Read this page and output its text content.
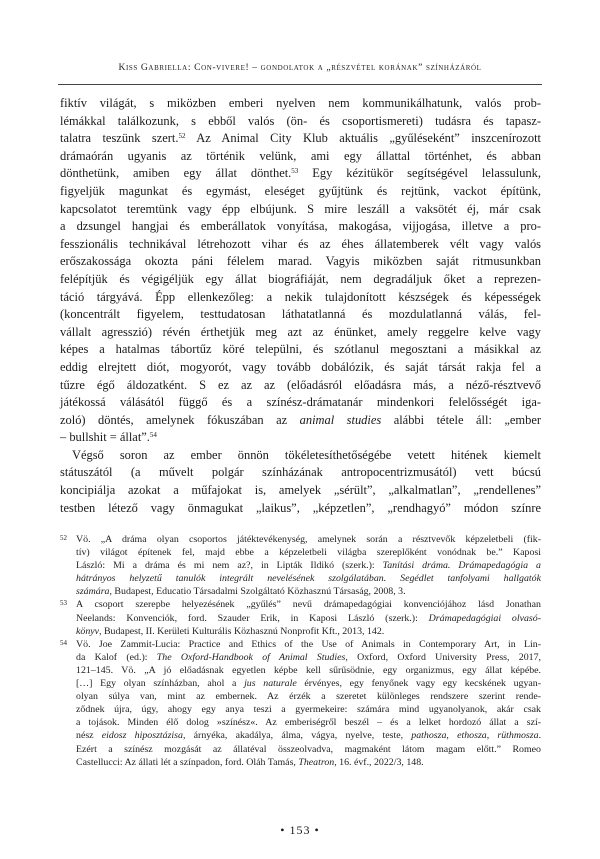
Kiss Gabriella: Con-vivere! – gondolatok a „részvétel korának” színházáról
fiktív világát, s miközben emberi nyelven nem kommunikálhatunk, valós prob-
lémákkal találkozunk, s ebből valós (ön- és csoportismereti) tudásra és tapasz-
talatra teszünk szert.$^{52}$ Az Animal City Klub aktuális „gyűléseként” inszcenírozott
drámaórán ugyanis az történik velünk, ami egy állattal történhet, és abban
dönthetünk, amiben egy állat dönthet.$^{53}$ Egy kézitükör segítségével lelassulunk,
figyeljük magunkat és egymást, eleséget gyűjtünk és rejtünk, vackot építünk,
kapcsolatot teremtünk vagy épp elbújunk. S mire leszáll a vaksötét éj, már csak
a dzsungel hangjai és emberállatok vonyítása, makogása, vijjogása, illetve a pro-
fesszionális technikával létrehozott vihar és az éhes állatemberek vélt vagy valós
erőszakossága okozta páni félelem marad. Vagyis miközben saját ritmusunkban
felépítjük és végigéljük egy állat biográfiáját, nem degradáljuk őket a reprezen-
táció tárgyává. Épp ellenkezőleg: a nekik tulajdonított készségek és képességek
(koncentrált figyelem, testtudatosan láthatatlanná és mozdulatlanná válás, fel-
vállalt agresszió) révén érthetjük meg azt az énünket, amely reggelre kelve vagy
képes a hatalmas tábortűz köré települni, és szótlanul megosztani a másikkal az
eddig elrejtett diót, mogyorót, vagy tovább dobálózik, és saját társát rakja fel a
tűzre égő áldozatként. S ez az az (előadásról előadásra más, a néző-résztvevő
játékossá válásától függő és a színész-drámatanár mindenkori felelősségét iga-
zoló) döntés, amelynek fókuszában az animal studies alábbi tétele áll: „ember
– bullshit = állat”.$^{54}$
Végső soron az ember önnön tökéletesíthetőségébe vetett hitének kiemelt
státuszától (a művelt polgár színházának antropocentrizmusától) vett búcsú
koncipiálja azokat a műfajokat is, amelyek „sérült”, „alkalmatlan”, „rendellenes”
testben létező vagy önmagukat „laikus”, „képzetlen”, „rendhagyó” módon színre
52 Vö. „A dráma olyan csoportos játéktevékenység, amelynek során a résztvevők képzeletbeli (fik-
tív) világot építenek fel, majd ebbe a képzeletbeli világba szereplőként vonódnak be.” Kaposi
László: Mi a dráma és mi nem az?, in Lipták Ildikó (szerk.): Tanítási dráma. Drámapedagógia a
hátrányos helyzetű tanulók integrált nevelésének szolgálatában. Segédlet tanfolyami hallgatók
számára, Budapest, Educatio Társadalmi Szolgáltató Közhasznú Társaság, 2008, 3.
53 A csoport szerepbe helyezésének „gyűlés” nevű drámapedagógiai konvenciójához lásd Jonathan
Neelands: Konvenciók, ford. Szauder Erik, in Kaposi László (szerk.): Drámapedagógiai olvasó-
könyv, Budapest, II. Kerületi Kulturális Közhasznú Nonprofit Kft., 2013, 142.
54 Vö. Joe Zammit-Lucia: Practice and Ethics of the Use of Animals in Contemporary Art, in Lin-
da Kalof (ed.): The Oxford-Handbook of Animal Studies, Oxford, Oxford University Press, 2017,
121–145. Vö. „A jó előadásnak egyetlen képbe kell sűrűsödnie, egy organizmus, egy állat képébe.
[…] Egy olyan színházban, ahol a jus naturale érvényes, egy fenyőnek vagy egy kecskének ugyan-
olyan súlya van, mint az embernek. Az érzék a szeretet különleges rendszere szerint rende-
ződnek újra, úgy, ahogy egy anya teszi a gyermekeire: számára mind ugyanolyanok, akár csak
a tojások. Minden élő dolog »színész«. Az emberiségről beszél – és a lelket hordozó állat a szí-
nész eidosz hiposztázisa, árnyéka, akadálya, álma, vágya, nyelve, teste, pathosza, ethosza, rüthmosza.
Ezért a színész mozgását az állatéval összeolvadva, magmaként látom magam előtt.” Romeo
Castellucci: Az állati lét a színpadon, ford. Oláh Tamás, Theatron, 16. évf., 2022/3, 148.
• 153 •
